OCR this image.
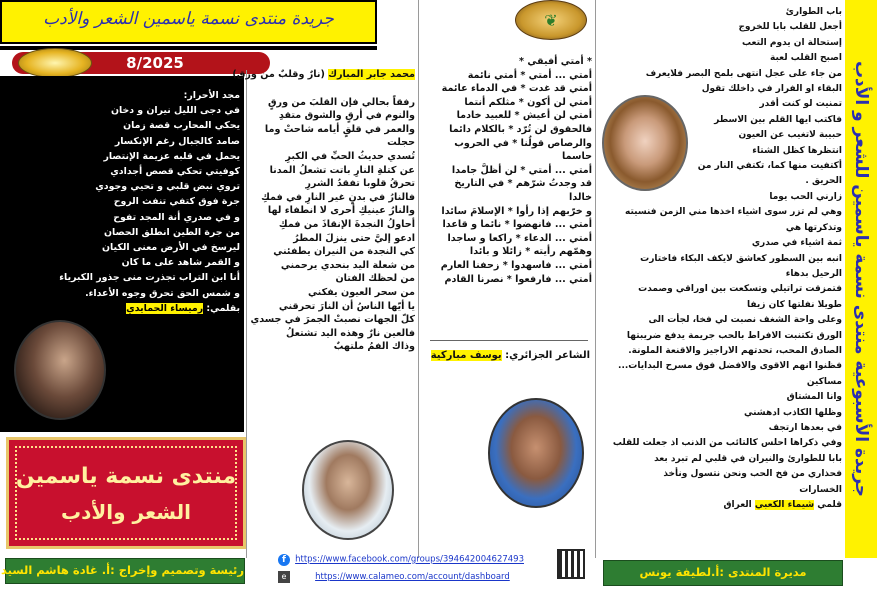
جريدة منتدى نسمة ياسمين الشعر والأدب
8/2025

مجد الأحرار:

في دجى الليل نيران و دخان

يحكي المحارب قصة زمان

صامد كالجبال رغم الإنكسار

يحمل في قلبه عزيمة الإنتصار

كوفيتي تحكي قصص أجدادي

تروي نبض قلبي و تحيي وجودي

جرة فوق كتفي تنفث الروح

و في صدري أنة المجد تفوح

من جرة الطين انطلق الحصان

ليرسخ في الأرض معنى الكيان

و القمر شاهد على ما كان

أنا ابن التراب تجذرت منى جذور الكبرياء

و شمس الحق تحرق وجوه الأعداء.

بقلمي: رميساء الحمايدي

منتدى نسمة ياسمين
الشعر والأدب

محمد جابر المبارك (نارٌ وقلبٌ من ورق)

رفقاً بحالي فإن القلبَ من ورقٍ

والنوم في أرقٍ والشوق متقدِ

والعمر في قلقٍ أيامه شاحتْ وما

حجلت

تُسدي حديثُ الحبِّ في الكبرِ

عن كتلةِ النارِ باتت تشعلُ المدنا

تحرقُ قلوبا تفقدُ الشررِ

فالنارُ في بدنٍ غير النارِ في فمكِ

والنارُ عينيكِ أحرى لا انطفاء لها

أحاولُ النجدةَ الإنقاذَ من فمكِ

ادعو إليَّ حتى ينزلَ المطرُ

كي النجدة من النيران يطفئني

من شعلة اليد بنحدي يرحمني

من لحظك الفتان

من سحر العيون يفكني

يا أيّها الناسُ أن النارَ تحرقني

كلّ الجهات نصبتْ الجمرَ في جسدي

فالعين نارٌ وهذه اليد تشتعلُ

وذاك الفمُ ملتهبٌ

❦

* أمتي أفيقي *

أمتي ... أمتي * أمتي نائمة

أمتي قد غدت * في الدماء عائمة

أمتي لن أكون * مثلكم أنتما

أمتي لن أعيش * للعبيد خادما

فالحقوق لن تُرّد * بالكلام دائما

والرصاص قولُنا * في الحروب

حاسما

أمتي ... أمتي * لن أظلَّ جامدا

قد وجدتُ شرّهم * في التاريخ

خالدا

و خرّبهم إذا رأوا * الإسلامَ سائدا

أمتي ... فانهضوا * نائما و قاعدا

أمتي ... الدعاء * راكعا و ساجدا

وهمّهم رأيته * زائلا و بائدا

أمتي ... فاسهدوا * زحفنا العارم

أمتي ... فارفعوا * نصرنا القادم

الشاعر الجزائري: يوسف مباركية

باب الطوارئ

أجعل للقلب بابا للخروج

إستحالة ان يدوم التعب

اصبح القلب لعبة

من جاء على عجل انتهى بلمح البصر فلايعرف

البقاء او الفرار في داخلك تقول

تمنيت لو كنت أقدر

فاكتب ايها القلم بين الاسطر

حبيبة لاتغيب عن العيون

انتظرها كظل الشتاء

أكتفيت منها كما، تكتفي النار من

الحريق .

زارني الحب يوما

وهي لم تزر سوى اشياء اخذها مني الزمن فنسيته

وتذكرتها هي

ثمة اشياء في صدري

انبه بين السطور كعاشق لايكف البكاء فاختارت

الرحيل بدهاء

فتمزقت تراتيلي وتسكعت بين اوراقي وصمدت

طويلا نفلتها كان زيفا

وعلى واحة الشغف نصبت لي فخا، لجأت الى

الورق تكتنبت الافراط بالحب جريمة يدفع ضريبتها

الصادق المحب، تحدتهم الاراجيز والاقنعة الملونة.

فظنوا انهم الاقوى والافضل فوق مسرح البدايات...

مساكين

وانا المشتاق

وظلها الكاذب ادهشني

في بعدها ارتجف

وفي ذكراها احلس كالتائب من الذنب اذ جعلت للقلب

بابا للطوارئ والنيران في قلبي لم تبرد بعد

فحذاري من فخ الحب ونحن نتسول ونأخذ

الخسارات

قلمي شيماء الكعبي العراق

جريدة الأسبوعية منتدى نسمة ياسمين للشعر و الأدب
رئيسة وتصميم وإخراج :أ. غادة هاشم السيد	مديرة المنتدى :أ.لطيفة يونس
f https://www.facebook.com/groups/394642004627493
e	https://www.calameo.com/account/dashboard
